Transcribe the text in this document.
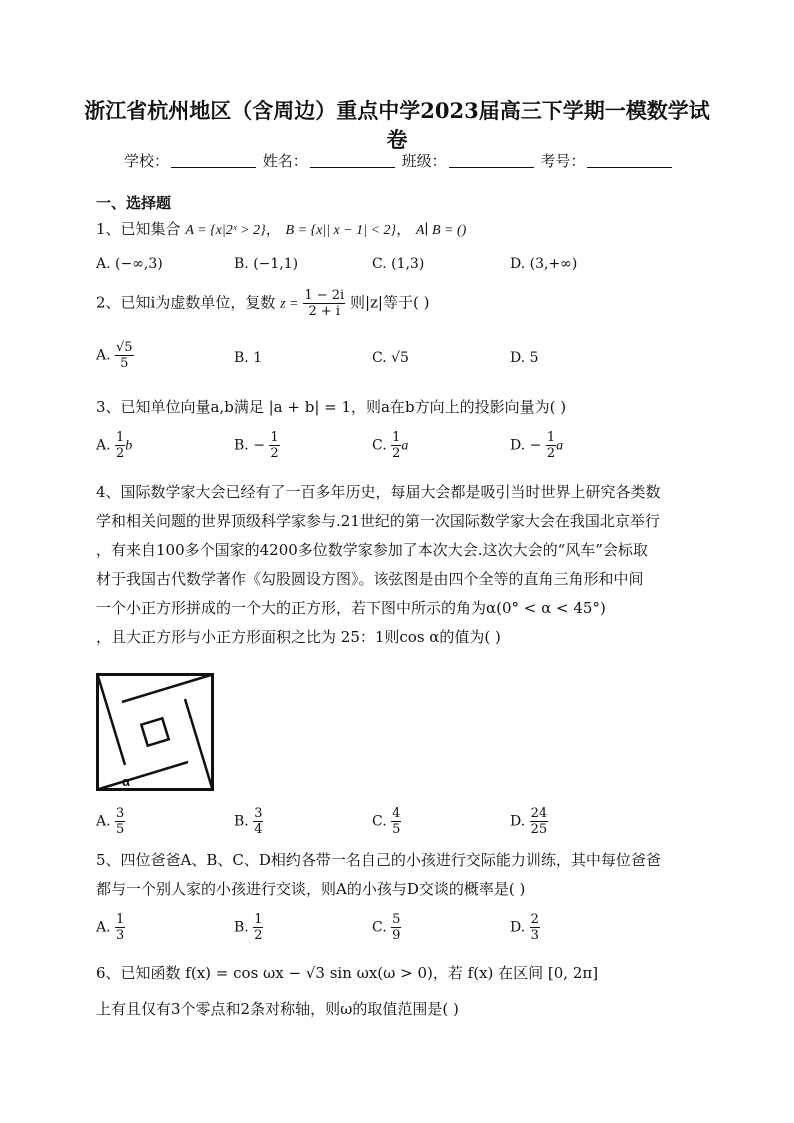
浙江省杭州地区（含周边）重点中学2023届高三下学期一模数学试
卷
学校：	姓名：	班级：	考号：
一、选择题
1、已知集合 A = {x|2ˣ > 2}， B = {x|| x − 1| < 2}， A∣ B = ()
A. (−∞,3)	B. (−1,1)	C. (1,3)	D. (3,+∞)
2、已知i为虚数单位，复数 $z = \frac{1 - 2i}{2 + i}$ 则|z|等于( )
A. $\frac{√5}{5}$	B. 1	C. √5	D. 5
3、已知单位向量a,b满足 |a + b| = 1，则a在b方向上的投影向量为( )
A. $\frac{1}{2}$ b	B. − $\frac{1}{2}$	C. $\frac{1}{2}$ a	D. − $\frac{1}{2}$ a
4、国际数学家大会已经有了一百多年历史，每届大会都是吸引当时世界上研究各类数
学和相关问题的世界顶级科学家参与.21世纪的第一次国际数学家大会在我国北京举行
，有来自100多个国家的4200多位数学家参加了本次大会.这次大会的“风车”会标取
材于我国古代数学著作《勾股圆设方图》。该弦图是由四个全等的直角三角形和中间
一个小正方形拼成的一个大的正方形，若下图中所示的角为α(0° < α < 45°)
，且大正方形与小正方形面积之比为 25：1则cos α的值为( )
α
A. $\frac{3}{5}$	B. $\frac{3}{4}$	C. $\frac{4}{5}$	D. $\frac{24}{25}$
5、四位爸爸A、B、C、D相约各带一名自己的小孩进行交际能力训练，其中每位爸爸
都与一个别人家的小孩进行交谈，则A的小孩与D交谈的概率是( )
A. $\frac{1}{3}$	B. $\frac{1}{2}$	C. $\frac{5}{9}$	D. $\frac{2}{3}$
6、已知函数 f(x) = cos ωx − √3 sin ωx(ω > 0)，若 f(x) 在区间 [0, 2π]
上有且仅有3个零点和2条对称轴，则ω的取值范围是( )
